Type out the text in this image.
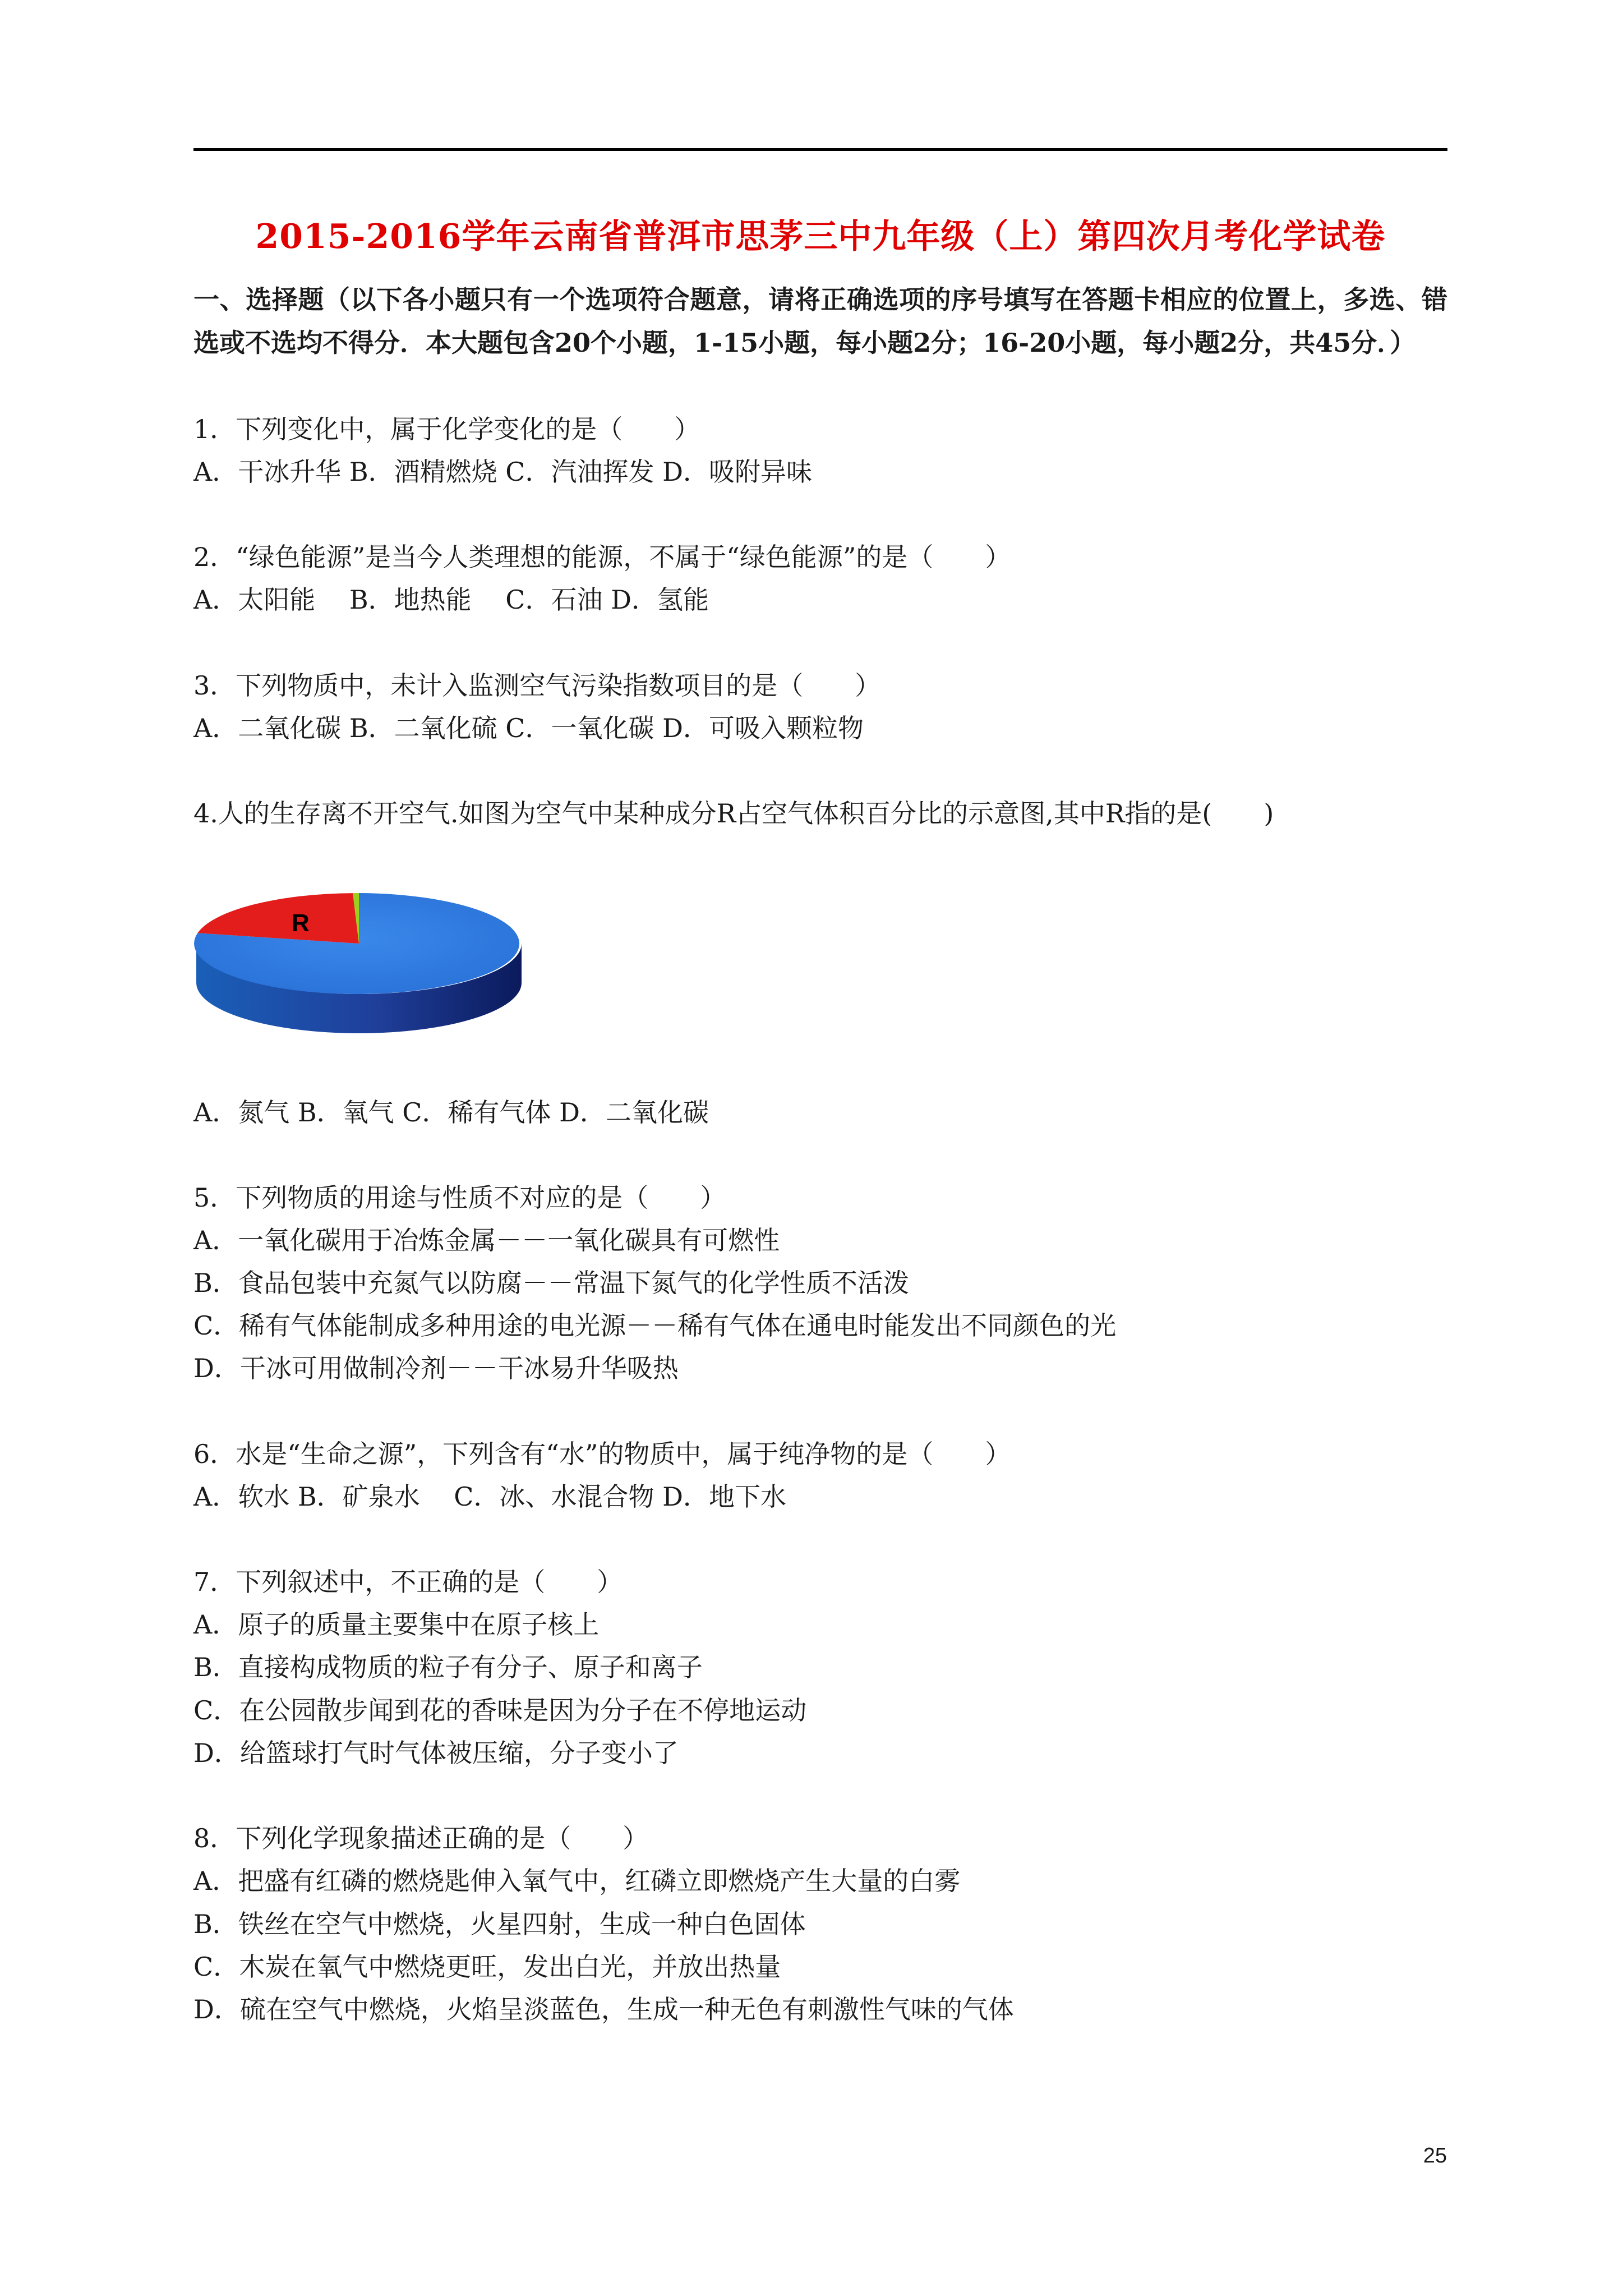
2015-2016学年云南省普洱市思茅三中九年级（上）第四次月考化学试卷
一、选择题（以下各小题只有一个选项符合题意，请将正确选项的序号填写在答题卡相应的位置上，多选、错选或不选均不得分．本大题包含20个小题，1-15小题，每小题2分；16-20小题，每小题2分，共45分．）
1．下列变化中，属于化学变化的是（　　）
A．干冰升华 B．酒精燃烧 C．汽油挥发 D．吸附异味
2．“绿色能源”是当今人类理想的能源，不属于“绿色能源”的是（　　）
A．太阳能　 B．地热能　 C．石油 D．氢能
3．下列物质中，未计入监测空气污染指数项目的是（　　）
A．二氧化碳 B．二氧化硫 C．一氧化碳 D．可吸入颗粒物
4.人的生存离不开空气.如图为空气中某种成分R占空气体积百分比的示意图,其中R指的是(　　)
R
A．氮气 B．氧气 C．稀有气体 D．二氧化碳
5．下列物质的用途与性质不对应的是（　　）
A．一氧化碳用于冶炼金属－－一氧化碳具有可燃性
B．食品包装中充氮气以防腐－－常温下氮气的化学性质不活泼
C．稀有气体能制成多种用途的电光源－－稀有气体在通电时能发出不同颜色的光
D．干冰可用做制冷剂－－干冰易升华吸热
6．水是“生命之源”，下列含有“水”的物质中，属于纯净物的是（　　）
A．软水 B．矿泉水　 C．冰、水混合物 D．地下水
7．下列叙述中，不正确的是（　　）
A．原子的质量主要集中在原子核上
B．直接构成物质的粒子有分子、原子和离子
C．在公园散步闻到花的香味是因为分子在不停地运动
D．给篮球打气时气体被压缩，分子变小了
8．下列化学现象描述正确的是（　　）
A．把盛有红磷的燃烧匙伸入氧气中，红磷立即燃烧产生大量的白雾
B．铁丝在空气中燃烧，火星四射，生成一种白色固体
C．木炭在氧气中燃烧更旺，发出白光，并放出热量
D．硫在空气中燃烧，火焰呈淡蓝色，生成一种无色有刺激性气味的气体
25
